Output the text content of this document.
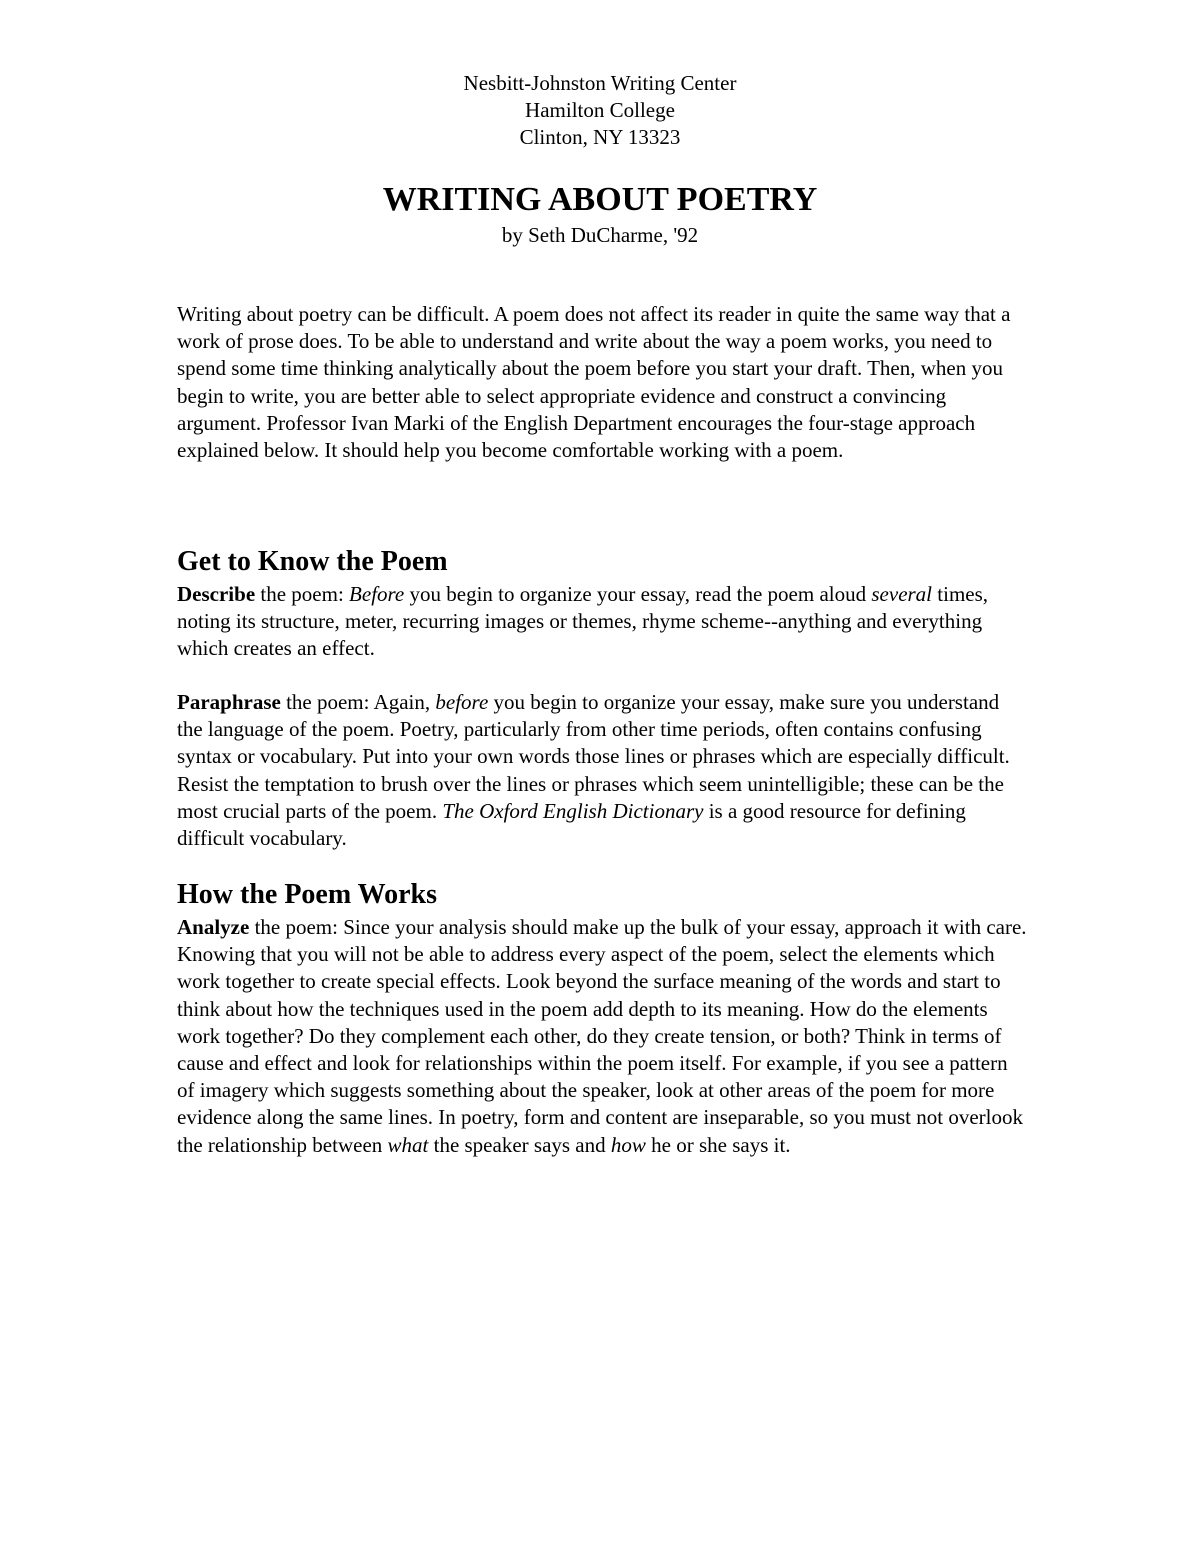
Nesbitt-Johnston Writing Center
Hamilton College
Clinton, NY 13323
WRITING ABOUT POETRY
by Seth DuCharme, '92

Writing about poetry can be difficult. A poem does not affect its reader in quite the same way that a work of prose does. To be able to understand and write about the way a poem works, you need to spend some time thinking analytically about the poem before you start your draft. Then, when you begin to write, you are better able to select appropriate evidence and construct a convincing argument. Professor Ivan Marki of the English Department encourages the four-stage approach explained below. It should help you become comfortable working with a poem.

Get to Know the Poem

Describe the poem: Before you begin to organize your essay, read the poem aloud several times, noting its structure, meter, recurring images or themes, rhyme scheme--anything and everything which creates an effect.

Paraphrase the poem: Again, before you begin to organize your essay, make sure you understand the language of the poem. Poetry, particularly from other time periods, often contains confusing syntax or vocabulary. Put into your own words those lines or phrases which are especially difficult. Resist the temptation to brush over the lines or phrases which seem unintelligible; these can be the most crucial parts of the poem. The Oxford English Dictionary is a good resource for defining difficult vocabulary.

How the Poem Works

Analyze the poem: Since your analysis should make up the bulk of your essay, approach it with care. Knowing that you will not be able to address every aspect of the poem, select the elements which work together to create special effects. Look beyond the surface meaning of the words and start to think about how the techniques used in the poem add depth to its meaning. How do the elements work together? Do they complement each other, do they create tension, or both? Think in terms of cause and effect and look for relationships within the poem itself. For example, if you see a pattern of imagery which suggests something about the speaker, look at other areas of the poem for more evidence along the same lines. In poetry, form and content are inseparable, so you must not overlook the relationship between what the speaker says and how he or she says it.
